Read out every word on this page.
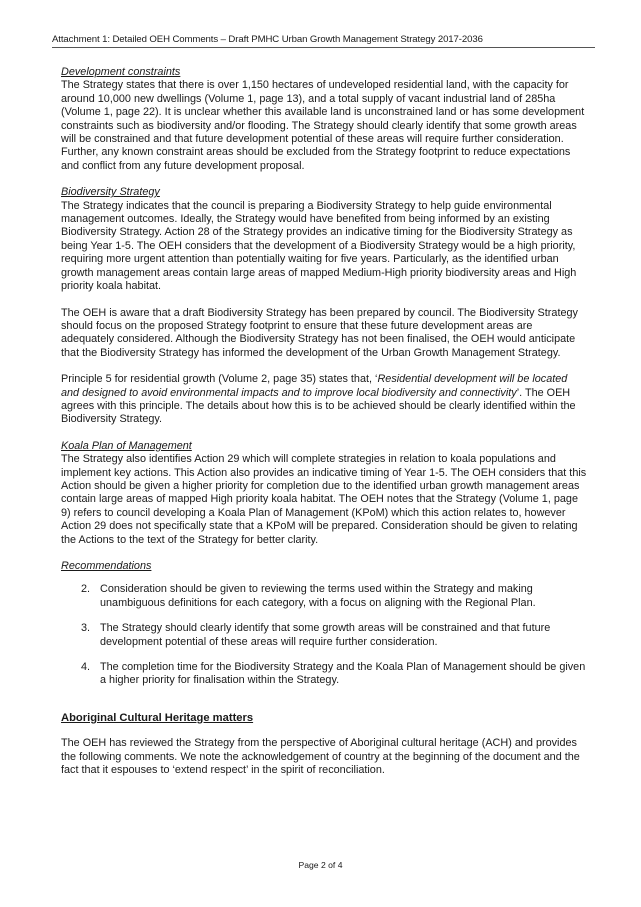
Attachment 1: Detailed OEH Comments – Draft PMHC Urban Growth Management Strategy 2017-2036

Development constraints

The Strategy states that there is over 1,150 hectares of undeveloped residential land, with the capacity for around 10,000 new dwellings (Volume 1, page 13), and a total supply of vacant industrial land of 285ha (Volume 1, page 22). It is unclear whether this available land is unconstrained land or has some development constraints such as biodiversity and/or flooding. The Strategy should clearly identify that some growth areas will be constrained and that future development potential of these areas will require further consideration. Further, any known constraint areas should be excluded from the Strategy footprint to reduce expectations and conflict from any future development proposal.

Biodiversity Strategy

The Strategy indicates that the council is preparing a Biodiversity Strategy to help guide environmental management outcomes. Ideally, the Strategy would have benefited from being informed by an existing Biodiversity Strategy. Action 28 of the Strategy provides an indicative timing for the Biodiversity Strategy as being Year 1-5. The OEH considers that the development of a Biodiversity Strategy would be a high priority, requiring more urgent attention than potentially waiting for five years. Particularly, as the identified urban growth management areas contain large areas of mapped Medium-High priority biodiversity areas and High priority koala habitat.

The OEH is aware that a draft Biodiversity Strategy has been prepared by council. The Biodiversity Strategy should focus on the proposed Strategy footprint to ensure that these future development areas are adequately considered. Although the Biodiversity Strategy has not been finalised, the OEH would anticipate that the Biodiversity Strategy has informed the development of the Urban Growth Management Strategy.

Principle 5 for residential growth (Volume 2, page 35) states that, ‘Residential development will be located and designed to avoid environmental impacts and to improve local biodiversity and connectivity’. The OEH agrees with this principle. The details about how this is to be achieved should be clearly identified within the Biodiversity Strategy.

Koala Plan of Management

The Strategy also identifies Action 29 which will complete strategies in relation to koala populations and implement key actions. This Action also provides an indicative timing of Year 1-5. The OEH considers that this Action should be given a higher priority for completion due to the identified urban growth management areas contain large areas of mapped High priority koala habitat. The OEH notes that the Strategy (Volume 1, page 9) refers to council developing a Koala Plan of Management (KPoM) which this action relates to, however Action 29 does not specifically state that a KPoM will be prepared. Consideration should be given to relating the Actions to the text of the Strategy for better clarity.

Recommendations

2. Consideration should be given to reviewing the terms used within the Strategy and making unambiguous definitions for each category, with a focus on aligning with the Regional Plan.
3. The Strategy should clearly identify that some growth areas will be constrained and that future development potential of these areas will require further consideration.
4. The completion time for the Biodiversity Strategy and the Koala Plan of Management should be given a higher priority for finalisation within the Strategy.

Aboriginal Cultural Heritage matters

The OEH has reviewed the Strategy from the perspective of Aboriginal cultural heritage (ACH) and provides the following comments. We note the acknowledgement of country at the beginning of the document and the fact that it espouses to ‘extend respect’ in the spirit of reconciliation.

Page 2 of 4
